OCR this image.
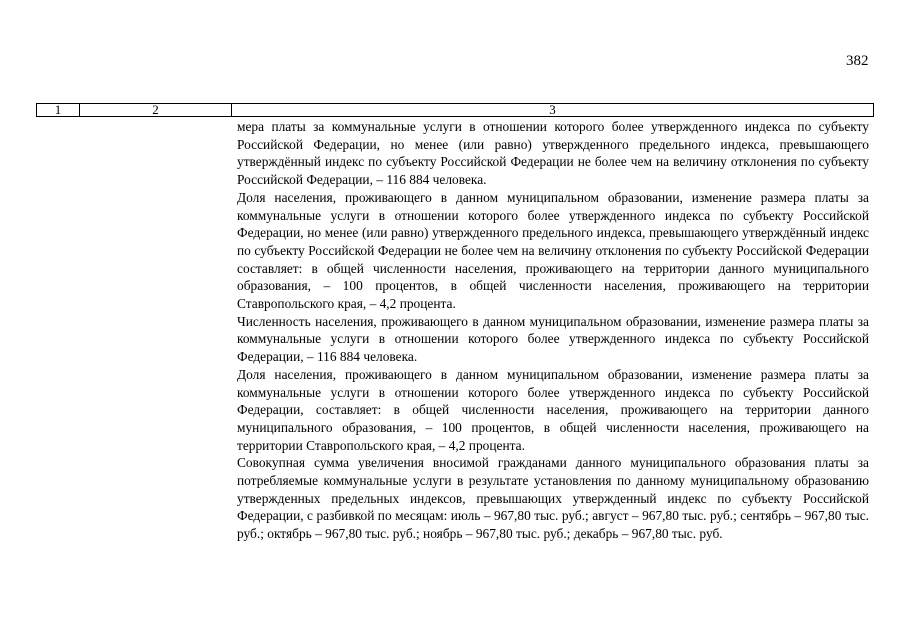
382
1	2	3

мера платы за коммунальные услуги в отношении которого более утвержденного индекса по субъекту Российской Федерации, но менее (или равно) утвержденного предельного индекса, превышающего утверждённый индекс по субъекту Российской Федерации не более чем на величину отклонения по субъекту Российской Федерации, – 116 884 человека.

Доля населения, проживающего в данном муниципальном образовании, изменение размера платы за коммунальные услуги в отношении которого более утвержденного индекса по субъекту Российской Федерации, но менее (или равно) утвержденного предельного индекса, превышающего утверждённый индекс по субъекту Российской Федерации не более чем на величину отклонения по субъекту Российской Федерации составляет: в общей численности населения, проживающего на территории данного муниципального образования, – 100 процентов, в общей численности населения, проживающего на территории Ставропольского края, – 4,2 процента.

Численность населения, проживающего в данном муниципальном образовании, изменение размера платы за коммунальные услуги в отношении которого более утвержденного индекса по субъекту Российской Федерации, – 116 884 человека.

Доля населения, проживающего в данном муниципальном образовании, изменение размера платы за коммунальные услуги в отношении которого более утвержденного индекса по субъекту Российской Федерации, составляет: в общей численности населения, проживающего на территории данного муниципального образования, – 100 процентов, в общей численности населения, проживающего на территории Ставропольского края, – 4,2 процента.

Совокупная сумма увеличения вносимой гражданами данного муниципального образования платы за потребляемые коммунальные услуги в результате установления по данному муниципальному образованию утвержденных предельных индексов, превышающих утвержденный индекс по субъекту Российской Федерации, с разбивкой по месяцам: июль – 967,80 тыс. руб.; август – 967,80 тыс. руб.; сентябрь – 967,80 тыс. руб.; октябрь – 967,80 тыс. руб.; ноябрь – 967,80 тыс. руб.; декабрь – 967,80 тыс. руб.
